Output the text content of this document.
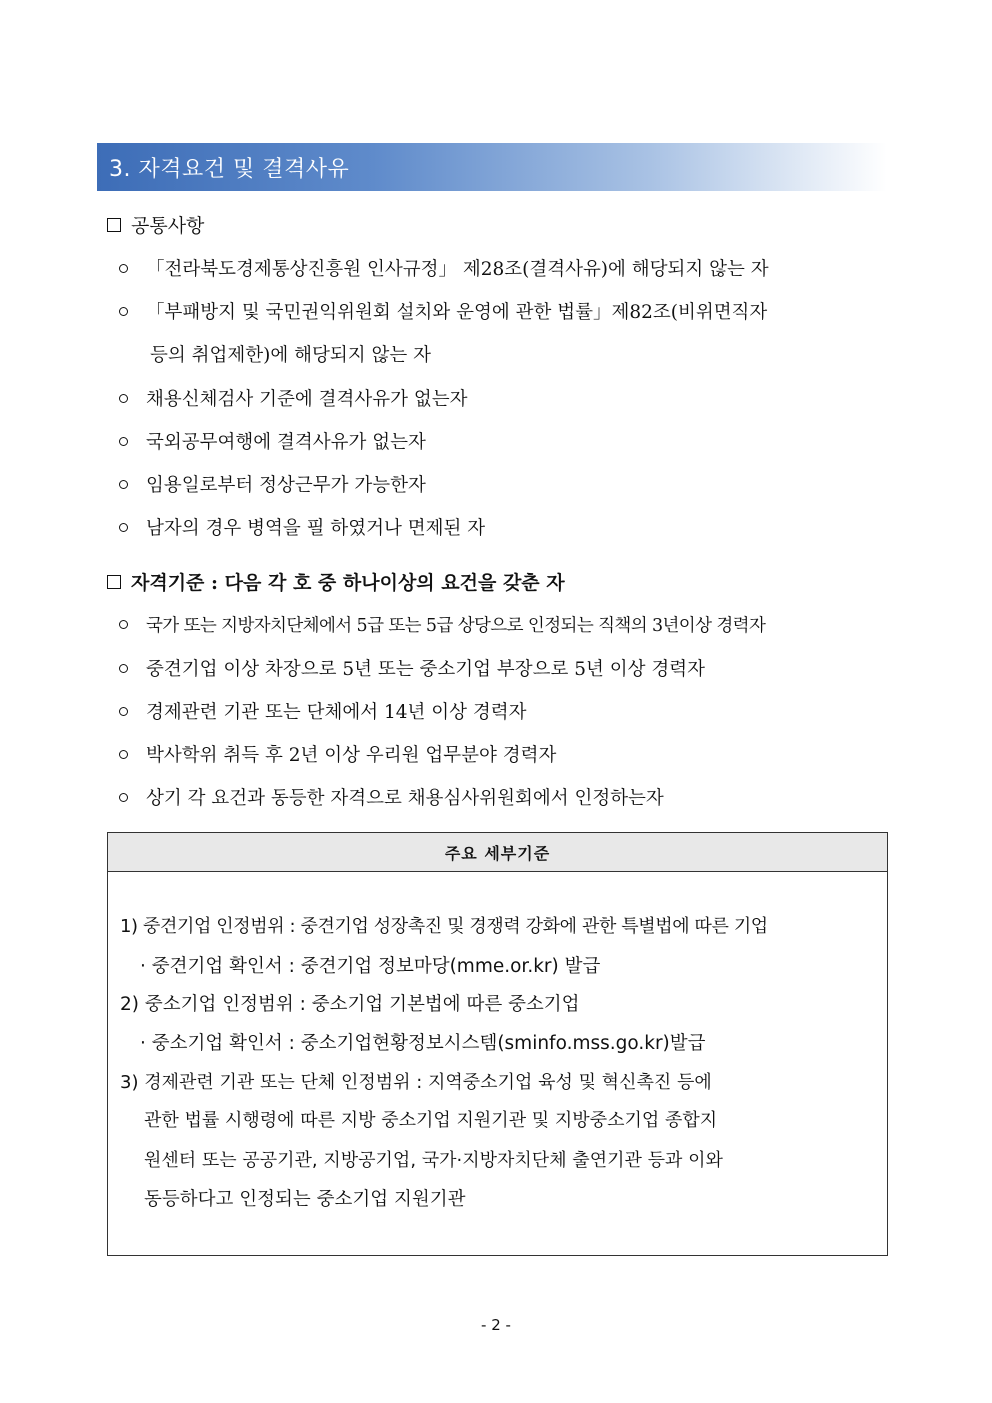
3. 자격요건 및 결격사유
공통사항
「전라북도경제통상진흥원 인사규정」 제28조(결격사유)에 해당되지 않는 자
「부패방지 및 국민권익위원회 설치와 운영에 관한 법률」제82조(비위면직자
등의 취업제한)에 해당되지 않는 자
채용신체검사 기준에 결격사유가 없는자
국외공무여행에 결격사유가 없는자
임용일로부터 정상근무가 가능한자
남자의 경우 병역을 필 하였거나 면제된 자
자격기준 : 다음 각 호 중 하나이상의 요건을 갖춘 자
국가 또는 지방자치단체에서 5급 또는 5급 상당으로 인정되는 직책의 3년이상 경력자
중견기업 이상 차장으로 5년 또는 중소기업 부장으로 5년 이상 경력자
경제관련 기관 또는 단체에서 14년 이상 경력자
박사학위 취득 후 2년 이상 우리원 업무분야 경력자
상기 각 요건과 동등한 자격으로 채용심사위원회에서 인정하는자
주요 세부기준
1) 중견기업 인정범위 : 중견기업 성장촉진 및 경쟁력 강화에 관한 특별법에 따른 기업
· 중견기업 확인서 : 중견기업 정보마당(mme.or.kr) 발급
2) 중소기업 인정범위 : 중소기업 기본법에 따른 중소기업
· 중소기업 확인서 : 중소기업현황정보시스템(sminfo.mss.go.kr)발급
3) 경제관련 기관 또는 단체 인정범위 : 지역중소기업 육성 및 혁신촉진 등에
관한 법률 시행령에 따른 지방 중소기업 지원기관 및 지방중소기업 종합지
원센터 또는 공공기관, 지방공기업, 국가·지방자치단체 출연기관 등과 이와
동등하다고 인정되는 중소기업 지원기관
- 2 -
